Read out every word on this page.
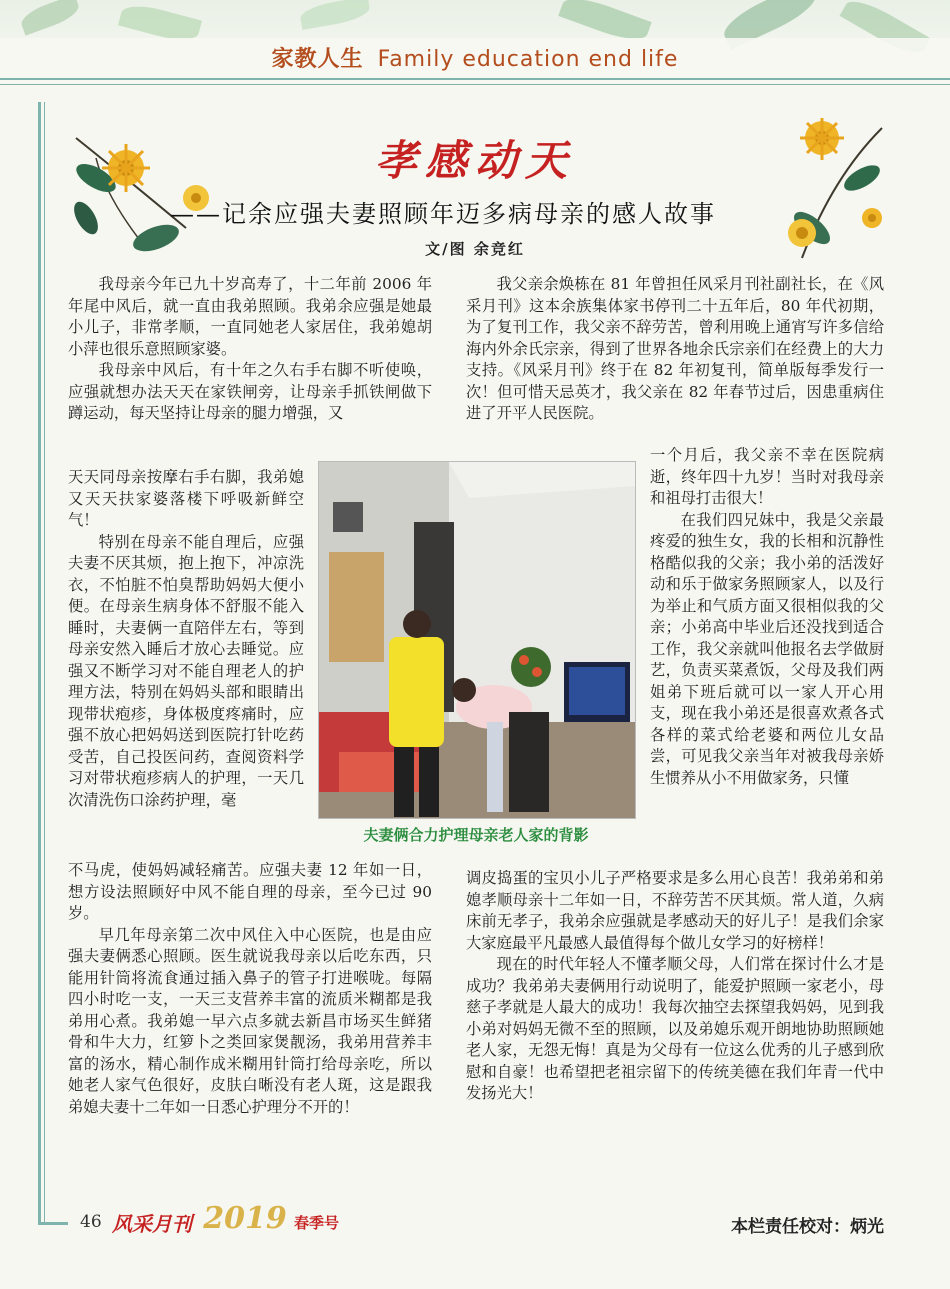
家教人生 Family education end life
孝感动天
——记余应强夫妻照顾年迈多病母亲的感人故事
文/图 余竞红

我母亲今年已九十岁高寿了，十二年前 2006 年年尾中风后，就一直由我弟照顾。我弟余应强是她最小儿子，非常孝顺，一直同她老人家居住，我弟媳胡小萍也很乐意照顾家婆。

我母亲中风后，有十年之久右手右脚不听使唤，应强就想办法天天在家铁闸旁，让母亲手抓铁闸做下蹲运动，每天坚持让母亲的腿力增强，又

天天同母亲按摩右手右脚，我弟媳又天天扶家婆落楼下呼吸新鲜空气！

特别在母亲不能自理后，应强夫妻不厌其烦，抱上抱下，冲凉洗衣，不怕脏不怕臭帮助妈妈大便小便。在母亲生病身体不舒服不能入睡时，夫妻俩一直陪伴左右，等到母亲安然入睡后才放心去睡觉。应强又不断学习对不能自理老人的护理方法，特别在妈妈头部和眼睛出现带状疱疹，身体极度疼痛时，应强不放心把妈妈送到医院打针吃药受苦，自己投医问药，查阅资料学习对带状疱疹病人的护理，一天几次清洗伤口涂药护理，毫

不马虎，使妈妈减轻痛苦。应强夫妻 12 年如一日，想方设法照顾好中风不能自理的母亲，至今已过 90 岁。

早几年母亲第二次中风住入中心医院，也是由应强夫妻俩悉心照顾。医生就说我母亲以后吃东西，只能用针筒将流食通过插入鼻子的管子打进喉咙。每隔四小时吃一支，一天三支营养丰富的流质米糊都是我弟用心煮。我弟媳一早六点多就去新昌市场买生鲜猪骨和牛大力，红箩卜之类回家煲靓汤，我弟用营养丰富的汤水，精心制作成米糊用针筒打给母亲吃，所以她老人家气色很好，皮肤白晰没有老人斑，这是跟我弟媳夫妻十二年如一日悉心护理分不开的！

我父亲余焕栋在 81 年曾担任风采月刊社副社长，在《风采月刊》这本余族集体家书停刊二十五年后，80 年代初期，为了复刊工作，我父亲不辞劳苦，曾利用晚上通宵写许多信给海内外余氏宗亲，得到了世界各地余氏宗亲们在经费上的大力支持。《风采月刊》终于在 82 年初复刊，简单版每季发行一次！但可惜天忌英才，我父亲在 82 年春节过后，因患重病住进了开平人民医院。

一个月后，我父亲不幸在医院病逝，终年四十九岁！当时对我母亲和祖母打击很大！

在我们四兄妹中，我是父亲最疼爱的独生女，我的长相和沉静性格酷似我的父亲；我小弟的活泼好动和乐于做家务照顾家人，以及行为举止和气质方面又很相似我的父亲；小弟高中毕业后还没找到适合工作，我父亲就叫他报名去学做厨艺，负责买菜煮饭，父母及我们两姐弟下班后就可以一家人开心用支，现在我小弟还是很喜欢煮各式各样的菜式给老婆和两位儿女品尝，可见我父亲当年对被我母亲娇生惯养从小不用做家务，只懂

调皮捣蛋的宝贝小儿子严格要求是多么用心良苦！我弟弟和弟媳孝顺母亲十二年如一日，不辞劳苦不厌其烦。常人道，久病床前无孝子，我弟余应强就是孝感动天的好儿子！是我们余家大家庭最平凡最感人最值得每个做儿女学习的好榜样！

现在的时代年轻人不懂孝顺父母，人们常在探讨什么才是成功？我弟弟夫妻俩用行动说明了，能爱护照顾一家老小，母慈子孝就是人最大的成功！我每次抽空去探望我妈妈，见到我小弟对妈妈无微不至的照顾，以及弟媳乐观开朗地协助照顾她老人家，无怨无悔！真是为父母有一位这么优秀的儿子感到欣慰和自豪！也希望把老祖宗留下的传统美德在我们年青一代中发扬光大！

夫妻俩合力护理母亲老人家的背影
46 风采月刊 2019 春季号	本栏责任校对：炳光
